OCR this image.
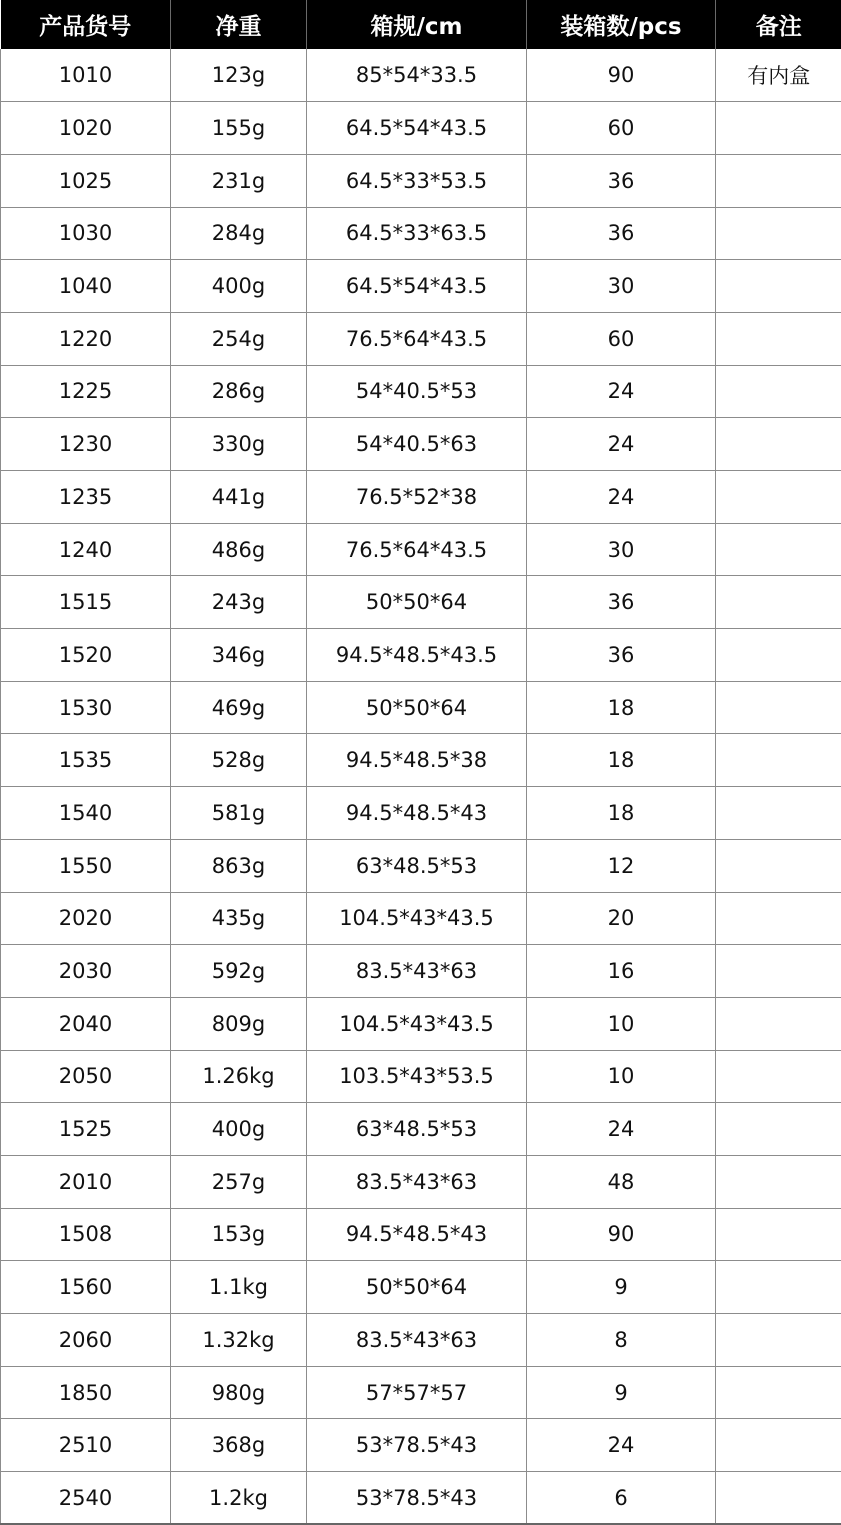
产品货号	净重	箱规/cm	装箱数/pcs	备注
1010	123g	85*54*33.5	90	有内盒
1020	155g	64.5*54*43.5	60	
1025	231g	64.5*33*53.5	36	
1030	284g	64.5*33*63.5	36	
1040	400g	64.5*54*43.5	30	
1220	254g	76.5*64*43.5	60	
1225	286g	54*40.5*53	24	
1230	330g	54*40.5*63	24	
1235	441g	76.5*52*38	24	
1240	486g	76.5*64*43.5	30	
1515	243g	50*50*64	36	
1520	346g	94.5*48.5*43.5	36	
1530	469g	50*50*64	18	
1535	528g	94.5*48.5*38	18	
1540	581g	94.5*48.5*43	18	
1550	863g	63*48.5*53	12	
2020	435g	104.5*43*43.5	20	
2030	592g	83.5*43*63	16	
2040	809g	104.5*43*43.5	10	
2050	1.26kg	103.5*43*53.5	10	
1525	400g	63*48.5*53	24	
2010	257g	83.5*43*63	48	
1508	153g	94.5*48.5*43	90	
1560	1.1kg	50*50*64	9	
2060	1.32kg	83.5*43*63	8	
1850	980g	57*57*57	9	
2510	368g	53*78.5*43	24	
2540	1.2kg	53*78.5*43	6	
